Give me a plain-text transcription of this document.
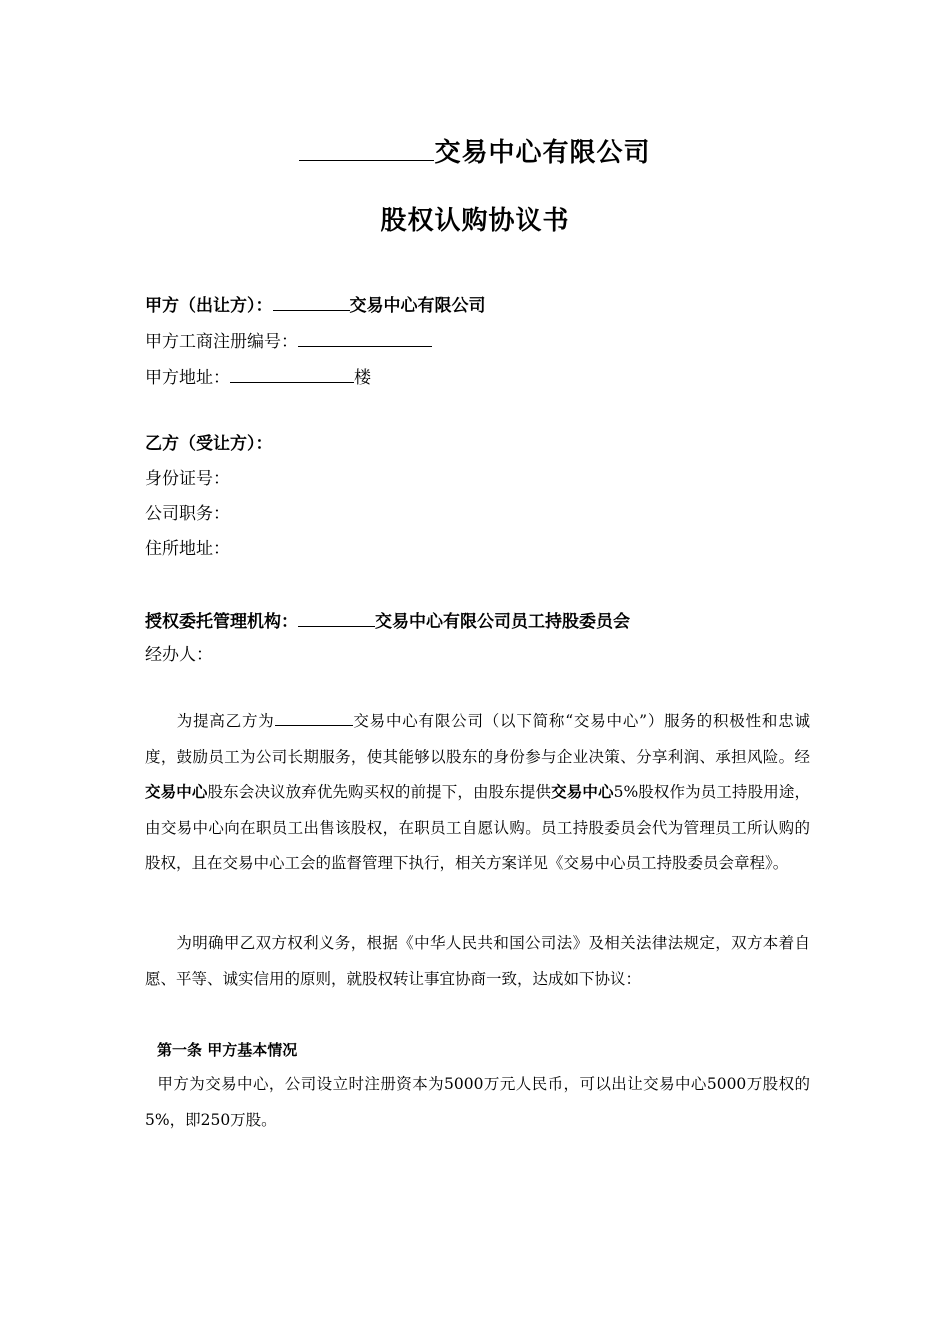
交易中心有限公司
股权认购协议书
甲方（出让方）：	交易中心有限公司
甲方工商注册编号：
甲方地址：	楼
乙方（受让方）：
身份证号：
公司职务：
住所地址：
授权委托管理机构：	交易中心有限公司员工持股委员会
经办人：
为提高乙方为	交易中心有限公司（以下简称“交易中心”）服务的积极性和忠诚度，鼓励员工为公司长期服务，使其能够以股东的身份参与企业决策、分享利润、承担风险。经交易中心股东会决议放弃优先购买权的前提下，由股东提供交易中心5%股权作为员工持股用途，由交易中心向在职员工出售该股权，在职员工自愿认购。员工持股委员会代为管理员工所认购的股权，且在交易中心工会的监督管理下执行，相关方案详见《交易中心员工持股委员会章程》。
为明确甲乙双方权利义务，根据《中华人民共和国公司法》及相关法律法规定，双方本着自愿、平等、诚实信用的原则，就股权转让事宜协商一致，达成如下协议：
第一条 甲方基本情况
甲方为交易中心，公司设立时注册资本为5000万元人民币，可以出让交易中心5000万股权的5%，即250万股。
